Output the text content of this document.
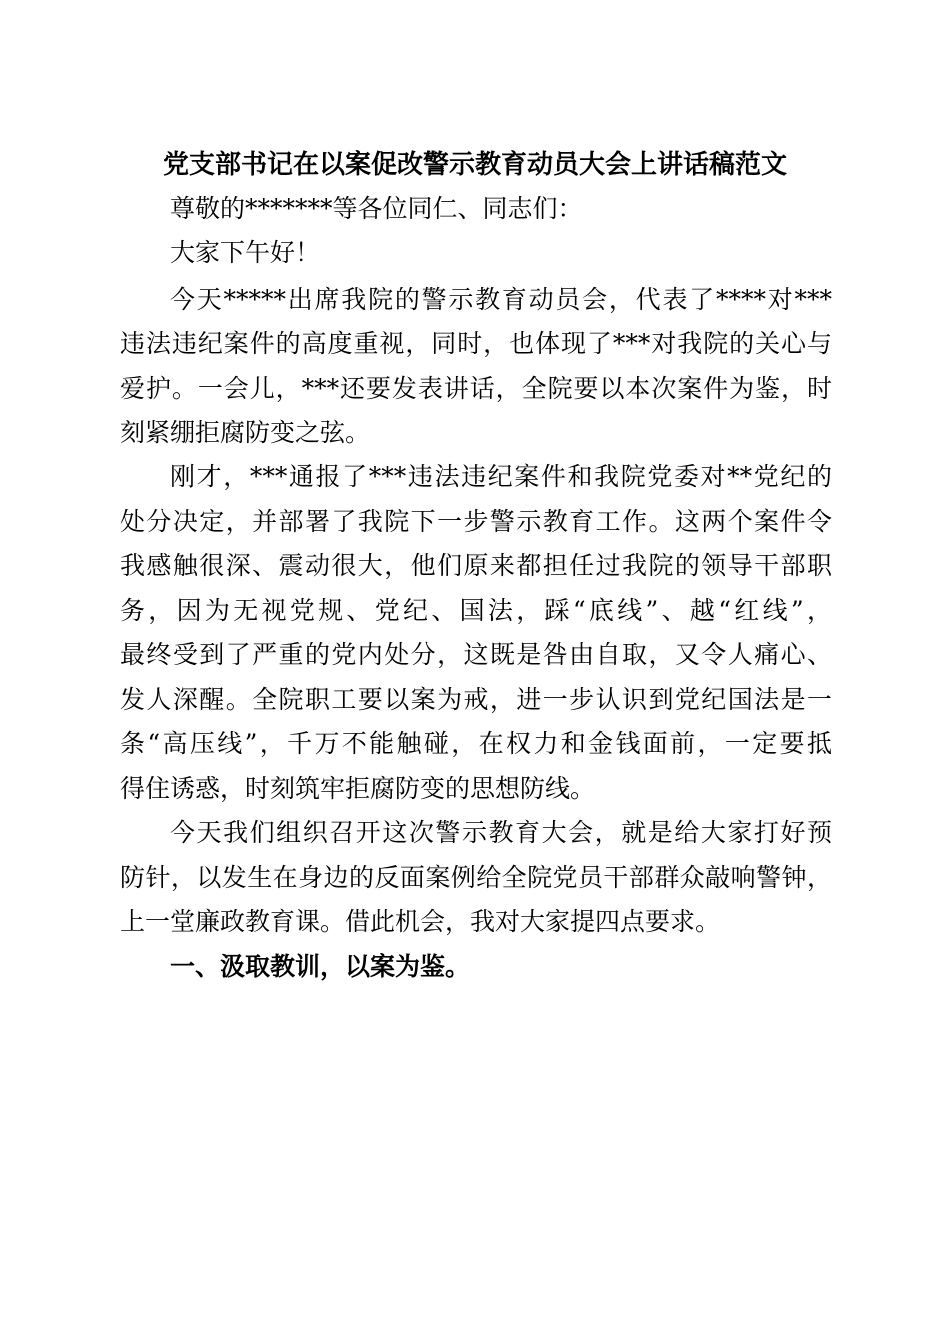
党支部书记在以案促改警示教育动员大会上讲话稿范文
尊敬的*******等各位同仁、同志们：
大家下午好！
今天*****出席我院的警示教育动员会，代表了****对***
违法违纪案件的高度重视，同时，也体现了***对我院的关心与
爱护。一会儿，***还要发表讲话，全院要以本次案件为鉴，时
刻紧绷拒腐防变之弦。
刚才，***通报了***违法违纪案件和我院党委对**党纪的
处分决定，并部署了我院下一步警示教育工作。这两个案件令
我感触很深、震动很大，他们原来都担任过我院的领导干部职
务，因为无视党规、党纪、国法，踩“底线”、越“红线”，
最终受到了严重的党内处分，这既是咎由自取，又令人痛心、
发人深醒。全院职工要以案为戒，进一步认识到党纪国法是一
条“高压线”，千万不能触碰，在权力和金钱面前，一定要抵
得住诱惑，时刻筑牢拒腐防变的思想防线。
今天我们组织召开这次警示教育大会，就是给大家打好预
防针，以发生在身边的反面案例给全院党员干部群众敲响警钟，
上一堂廉政教育课。借此机会，我对大家提四点要求。
一、汲取教训，以案为鉴。
